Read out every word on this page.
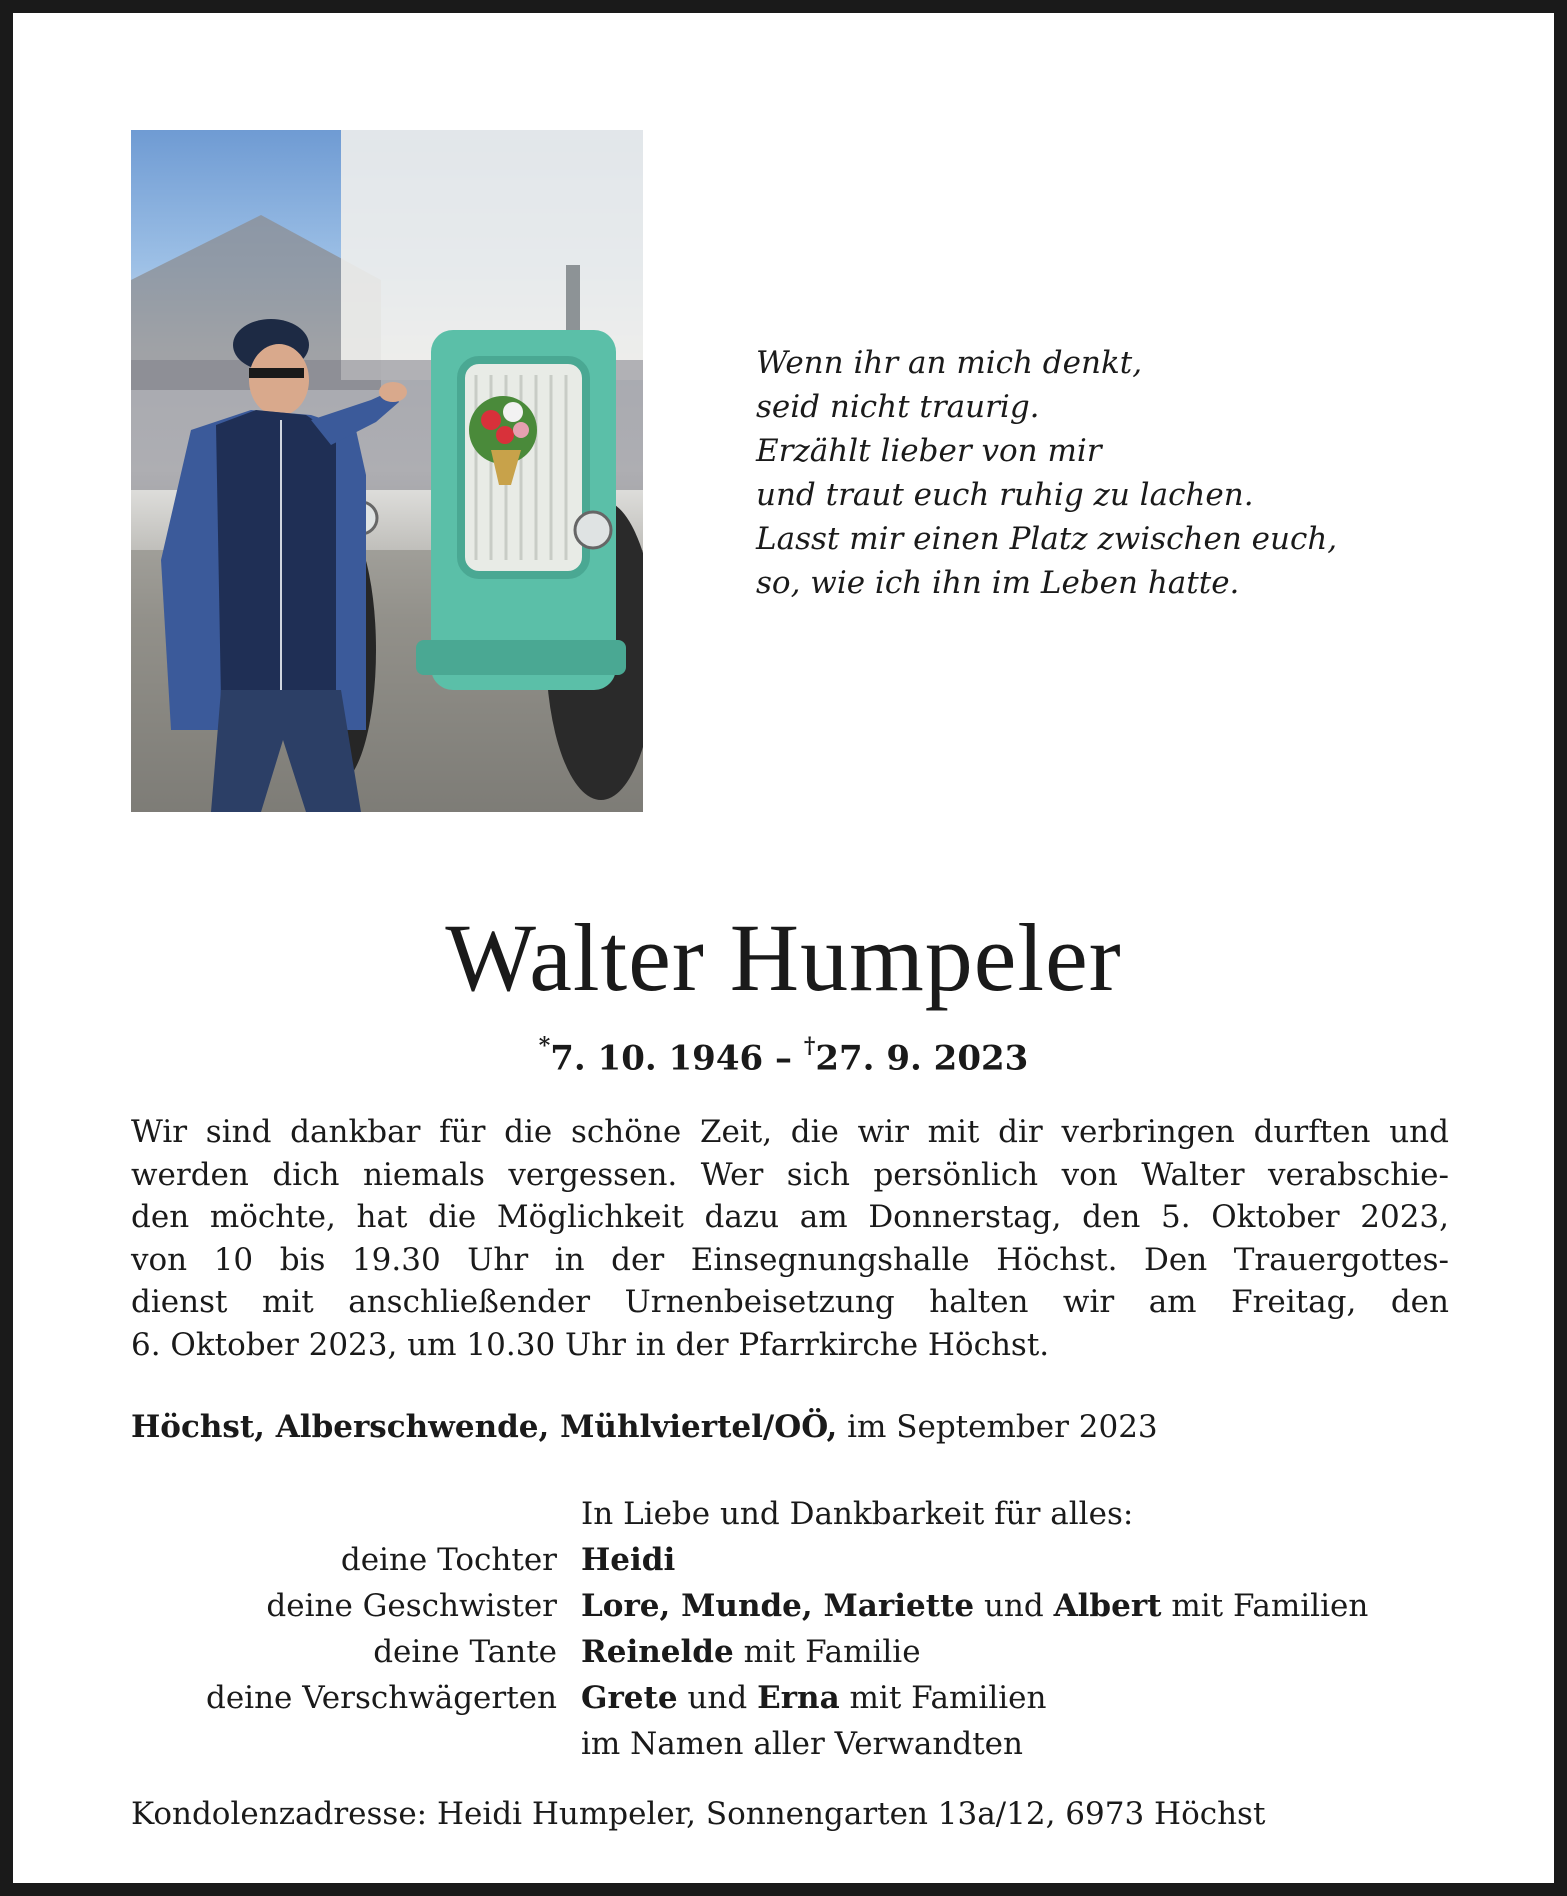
Wenn ihr an mich denkt,
seid nicht traurig.
Erzählt lieber von mir
und traut euch ruhig zu lachen.
Lasst mir einen Platz zwischen euch,
so, wie ich ihn im Leben hatte.
Walter Humpeler
*7. 10. 1946 – †27. 9. 2023
Wir sind dankbar für die schöne Zeit, die wir mit dir verbringen durften und
werden dich niemals vergessen. Wer sich persönlich von Walter verabschie-
den möchte, hat die Möglichkeit dazu am Donnerstag, den 5. Oktober 2023,
von 10 bis 19.30 Uhr in der Einsegnungshalle Höchst. Den Trauergottes-
dienst mit anschließender Urnenbeisetzung halten wir am Freitag, den
6. Oktober 2023, um 10.30 Uhr in der Pfarrkirche Höchst.
Höchst, Alberschwende, Mühlviertel/OÖ, im September 2023
In Liebe und Dankbarkeit für alles:
deine Tochter Heidi
deine Geschwister Lore, Munde, Mariette und Albert mit Familien
deine Tante Reinelde mit Familie
deine Verschwägerten Grete und Erna mit Familien
im Namen aller Verwandten
Kondolenzadresse: Heidi Humpeler, Sonnengarten 13a/12, 6973 Höchst
